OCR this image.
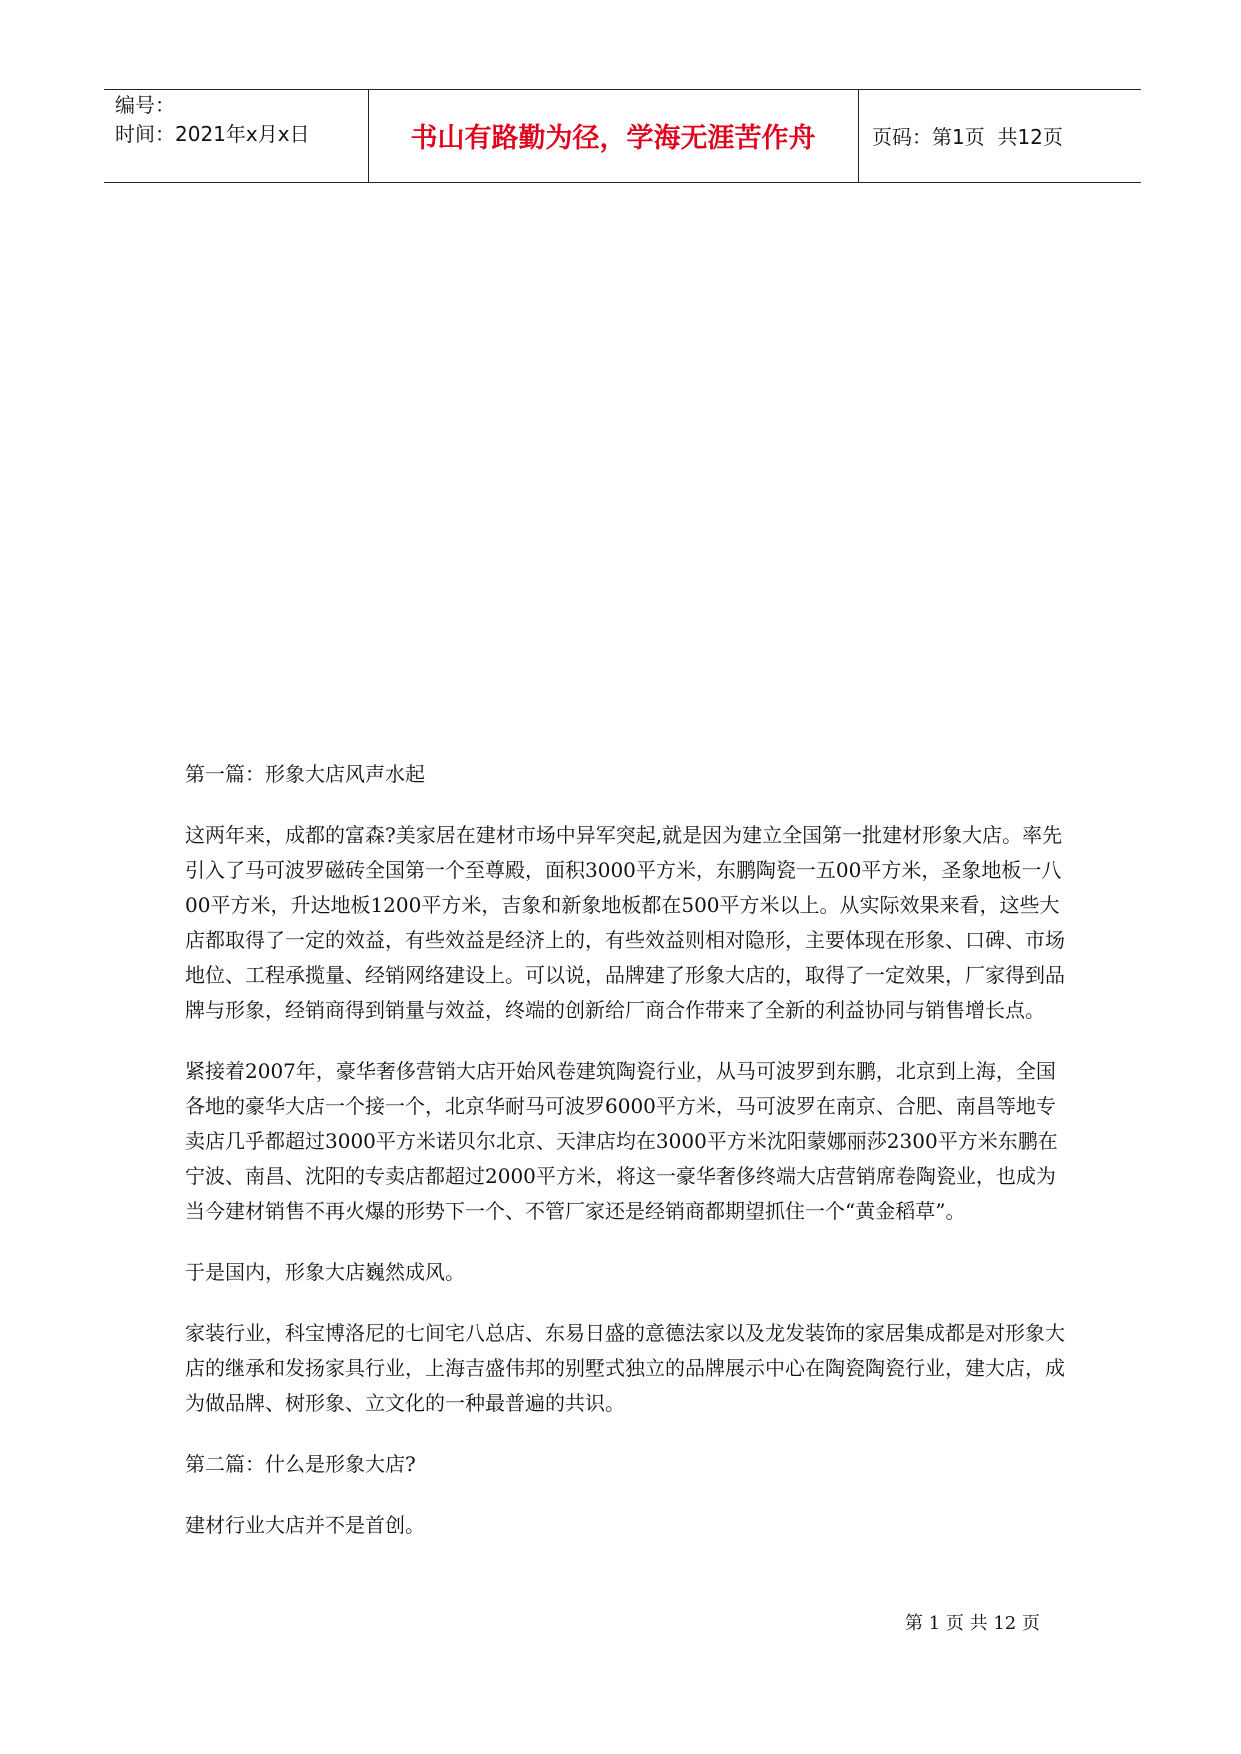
编号：
时间：2021年x月x日	书山有路勤为径，学海无涯苦作舟	页码：第1页  共12页

第一篇：形象大店风声水起

这两年来，成都的富森?美家居在建材市场中异军突起,就是因为建立全国第一批建材形象大店。率先引入了马可波罗磁砖全国第一个至尊殿，面积3000平方米，东鹏陶瓷一五00平方米，圣象地板一八00平方米，升达地板1200平方米，吉象和新象地板都在500平方米以上。从实际效果来看，这些大店都取得了一定的效益，有些效益是经济上的，有些效益则相对隐形，主要体现在形象、口碑、市场地位、工程承揽量、经销网络建设上。可以说，品牌建了形象大店的，取得了一定效果，厂家得到品牌与形象，经销商得到销量与效益，终端的创新给厂商合作带来了全新的利益协同与销售增长点。

紧接着2007年，豪华奢侈营销大店开始风卷建筑陶瓷行业，从马可波罗到东鹏，北京到上海，全国各地的豪华大店一个接一个，北京华耐马可波罗6000平方米，马可波罗在南京、合肥、南昌等地专卖店几乎都超过3000平方米诺贝尔北京、天津店均在3000平方米沈阳蒙娜丽莎2300平方米东鹏在宁波、南昌、沈阳的专卖店都超过2000平方米，将这一豪华奢侈终端大店营销席卷陶瓷业，也成为当今建材销售不再火爆的形势下一个、不管厂家还是经销商都期望抓住一个“黄金稻草”。

于是国内，形象大店巍然成风。

家装行业，科宝博洛尼的七间宅八总店、东易日盛的意德法家以及龙发装饰的家居集成都是对形象大店的继承和发扬家具行业，上海吉盛伟邦的别墅式独立的品牌展示中心在陶瓷陶瓷行业，建大店，成为做品牌、树形象、立文化的一种最普遍的共识。

第二篇：什么是形象大店?

建材行业大店并不是首创。

第 1 页 共 12 页
